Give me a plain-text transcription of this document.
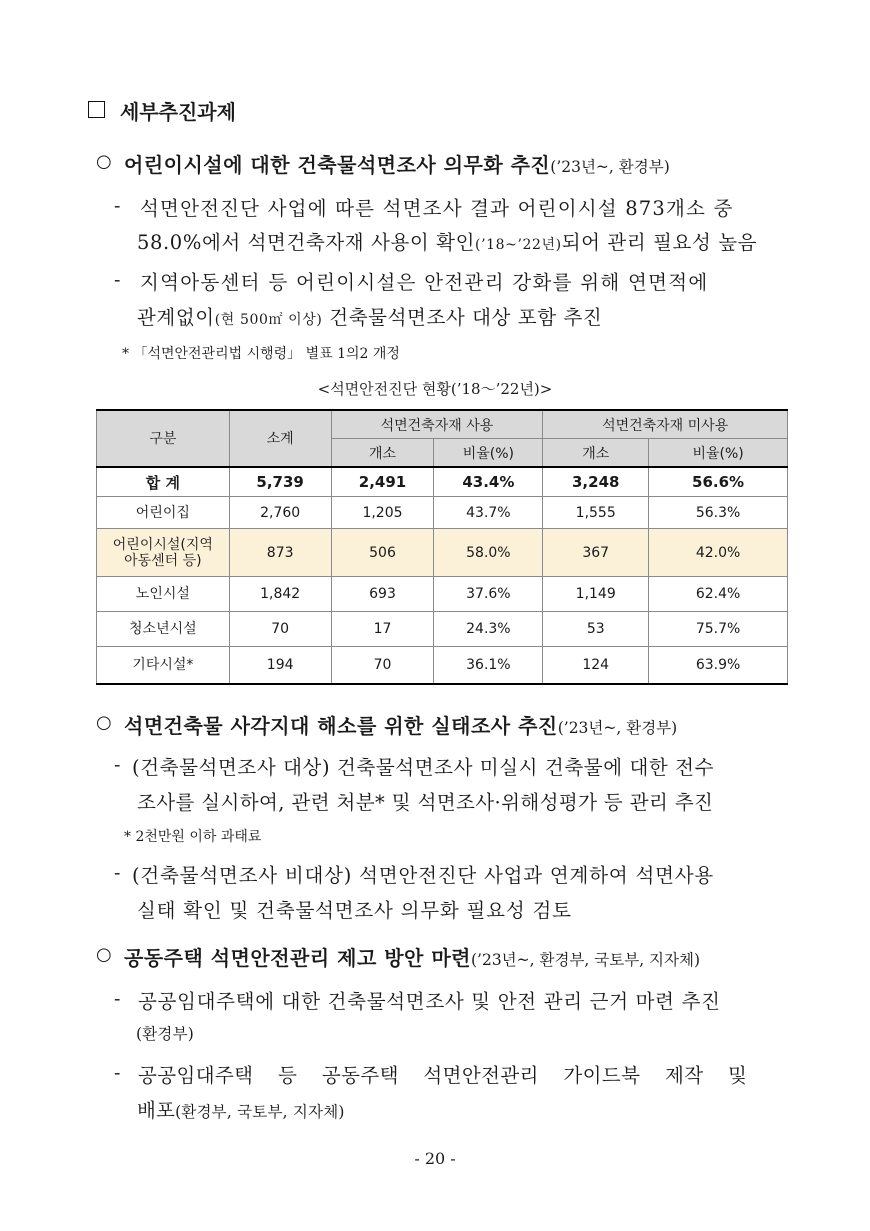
세부추진과제
○ 어린이시설에 대한 건축물석면조사 의무화 추진(’23년~, 환경부)
- 석면안전진단 사업에 따른 석면조사 결과 어린이시설 873개소 중
58.0%에서 석면건축자재 사용이 확인(’18~’22년)되어 관리 필요성 높음
- 지역아동센터 등 어린이시설은 안전관리 강화를 위해 연면적에
관계없이(현 500㎡ 이상) 건축물석면조사 대상 포함 추진
* 「석면안전관리법 시행령」 별표 1의2 개정
<석면안전진단 현황(’18～’22년)>
구분	소계	석면건축자재 사용		석면건축자재 미사용	
		개소	비율(%)	개소	비율(%)
합 계	5,739	2,491	43.4%	3,248	56.6%
어린이집	2,760	1,205	43.7%	1,555	56.3%

어린이시설(지역
아동센터 등)	873	506	58.0%	367	42.0%
노인시설	1,842	693	37.6%	1,149	62.4%
청소년시설	70	17	24.3%	53	75.7%
기타시설*	194	70	36.1%	124	63.9%
○ 석면건축물 사각지대 해소를 위한 실태조사 추진(’23년~, 환경부)
- (건축물석면조사 대상) 건축물석면조사 미실시 건축물에 대한 전수
조사를 실시하여, 관련 처분* 및 석면조사·위해성평가 등 관리 추진
* 2천만원 이하 과태료
- (건축물석면조사 비대상) 석면안전진단 사업과 연계하여 석면사용
실태 확인 및 건축물석면조사 의무화 필요성 검토
○ 공동주택 석면안전관리 제고 방안 마련(’23년~, 환경부, 국토부, 지자체)
- 공공임대주택에 대한 건축물석면조사 및 안전 관리 근거 마련 추진
(환경부)
- 공공임대주택 등 공동주택 석면안전관리 가이드북 제작 및
배포(환경부, 국토부, 지자체)
- 20 -
